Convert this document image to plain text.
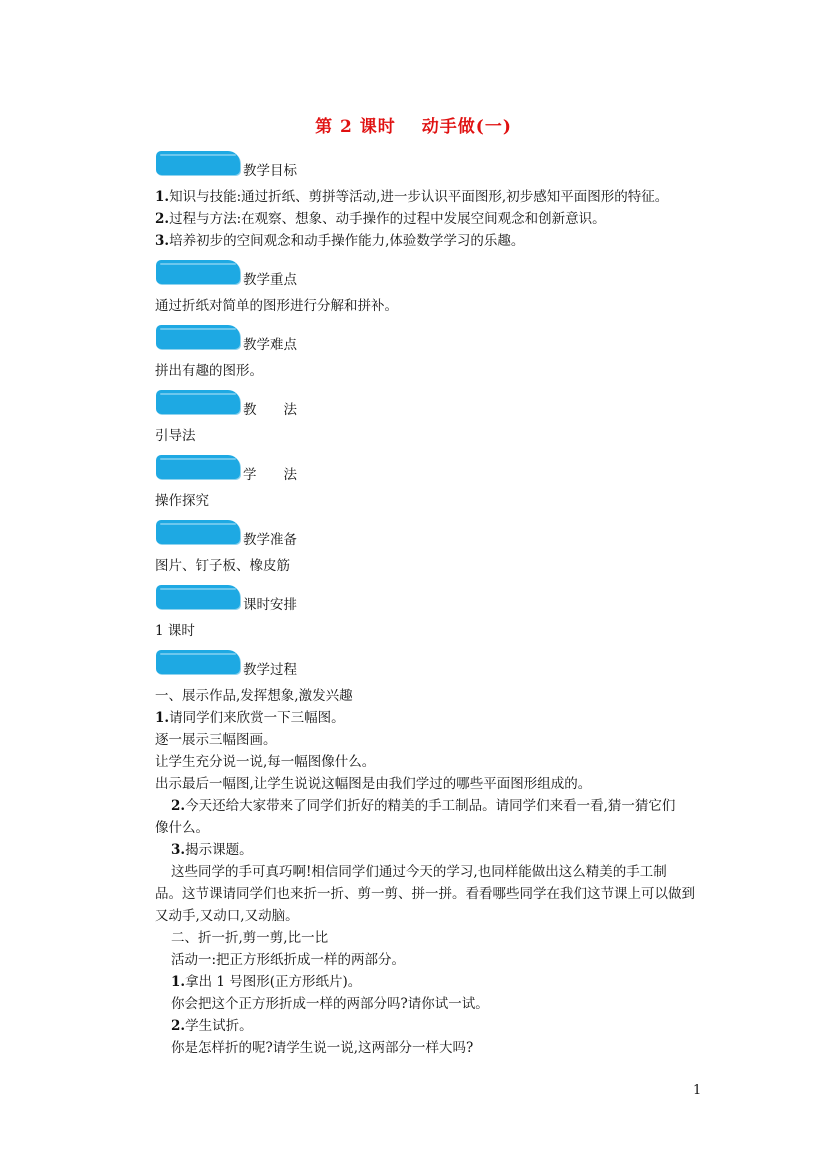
第 2 课时 动手做(一)
教学目标
1.知识与技能:通过折纸、剪拼等活动,进一步认识平面图形,初步感知平面图形的特征。
2.过程与方法:在观察、想象、动手操作的过程中发展空间观念和创新意识。
3.培养初步的空间观念和动手操作能力,体验数学学习的乐趣。
教学重点
通过折纸对简单的图形进行分解和拼补。
教学难点
拼出有趣的图形。
教　　法
引导法
学　　法
操作探究
教学准备
图片、钉子板、橡皮筋
课时安排
1 课时
教学过程
一、展示作品,发挥想象,激发兴趣
1.请同学们来欣赏一下三幅图。
逐一展示三幅图画。
让学生充分说一说,每一幅图像什么。
出示最后一幅图,让学生说说这幅图是由我们学过的哪些平面图形组成的。
2.今天还给大家带来了同学们折好的精美的手工制品。请同学们来看一看,猜一猜它们
像什么。
3.揭示课题。
这些同学的手可真巧啊!相信同学们通过今天的学习,也同样能做出这么精美的手工制
品。这节课请同学们也来折一折、剪一剪、拼一拼。看看哪些同学在我们这节课上可以做到
又动手,又动口,又动脑。
二、折一折,剪一剪,比一比
活动一:把正方形纸折成一样的两部分。
1.拿出 1 号图形(正方形纸片)。
你会把这个正方形折成一样的两部分吗?请你试一试。
2.学生试折。
你是怎样折的呢?请学生说一说,这两部分一样大吗?
1
